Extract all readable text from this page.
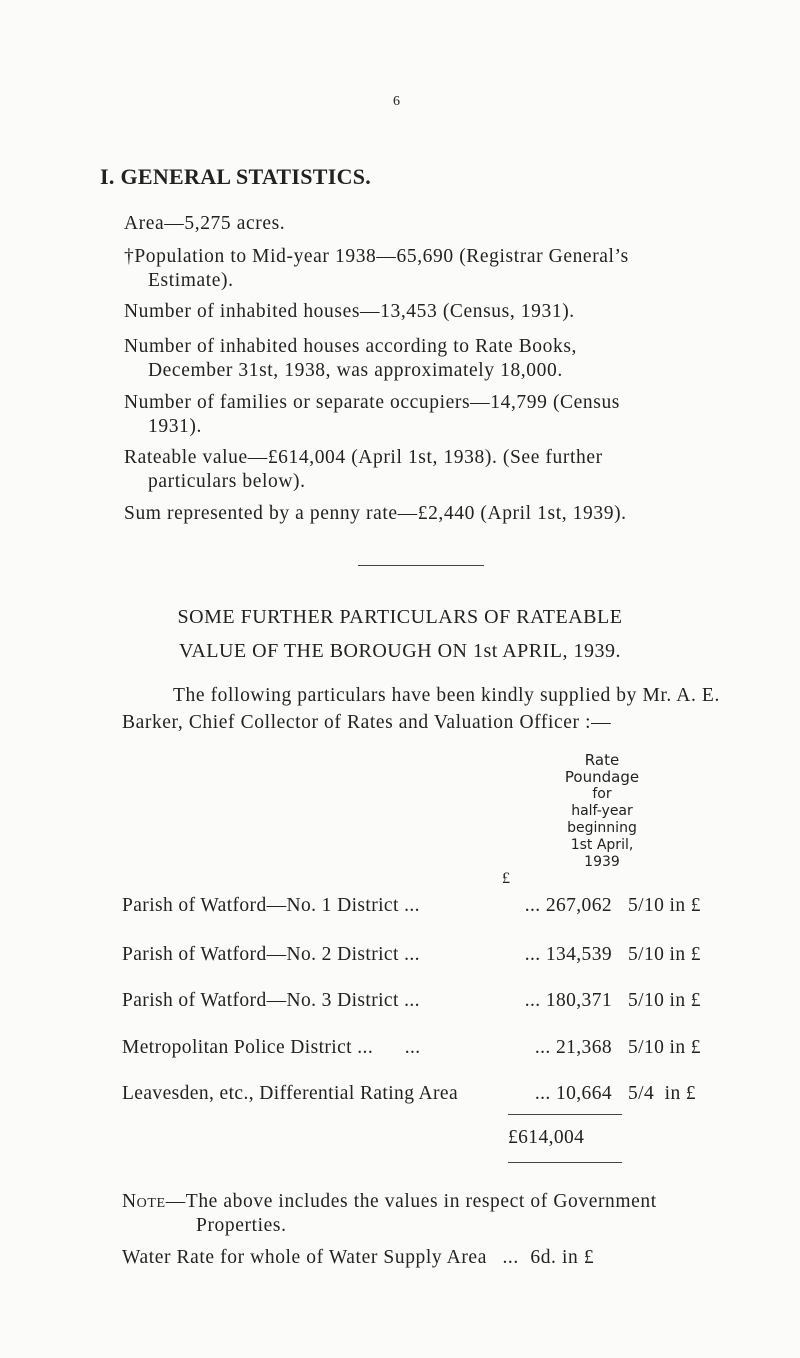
6
I. GENERAL STATISTICS.
Area—5,275 acres.
†Population to Mid-year 1938—65,690 (Registrar General’s

Estimate).
Number of inhabited houses—13,453 (Census, 1931).
Number of inhabited houses according to Rate Books,

December 31st, 1938, was approximately 18,000.
Number of families or separate occupiers—14,799 (Census

1931).
Rateable value—£614,004 (April 1st, 1938). (See further

particulars below).
Sum represented by a penny rate—£2,440 (April 1st, 1939).
SOME FURTHER PARTICULARS OF RATEABLE
VALUE OF THE BOROUGH ON 1st APRIL, 1939.
The following particulars have been kindly supplied by Mr. A. E.
Barker, Chief Collector of Rates and Valuation Officer :—
Rate
Poundage
for
half-year
beginning
1st April,
1939
£
Parish of Watford—No. 1 District ...	... 267,062 5/10 in £
Parish of Watford—No. 2 District ...	... 134,539 5/10 in £
Parish of Watford—No. 3 District ...	... 180,371 5/10 in £
Metropolitan Police District ...      ...	... 21,368 5/10 in £
Leavesden, etc., Differential Rating Area	... 10,664 5/4  in £
£614,004
Note—The above includes the values in respect of Government

Properties.
Water Rate for whole of Water Supply Area ... 6d. in £
